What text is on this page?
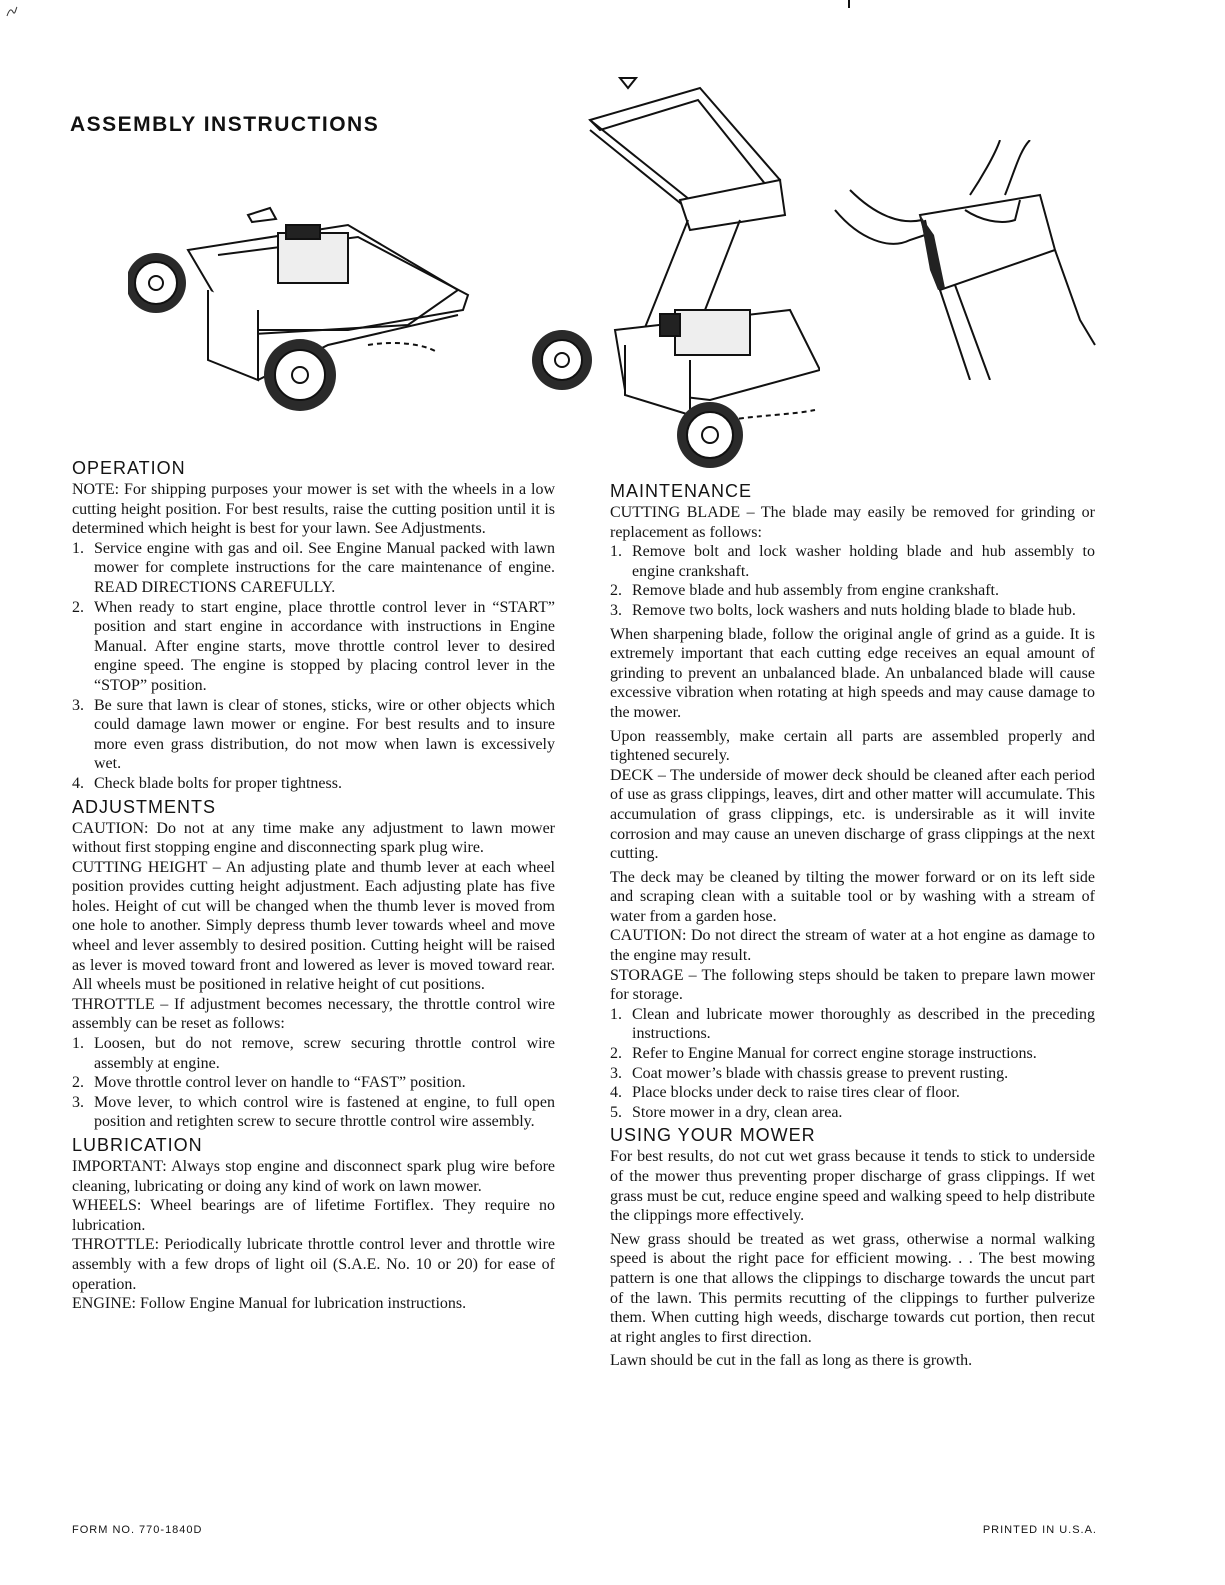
ASSEMBLY INSTRUCTIONS
OPERATION

NOTE: For shipping purposes your mower is set with the wheels in a low cutting height position. For best results, raise the cutting position until it is determined which height is best for your lawn. See Adjustments.

1. Service engine with gas and oil. See Engine Manual packed with lawn mower for complete instructions for the care maintenance of engine. READ DIRECTIONS CAREFULLY.
2. When ready to start engine, place throttle control lever in “START” position and start engine in accordance with instructions in Engine Manual. After engine starts, move throttle control lever to desired engine speed. The engine is stopped by placing control lever in the “STOP” position.
3. Be sure that lawn is clear of stones, sticks, wire or other objects which could damage lawn mower or engine. For best results and to insure more even grass distribution, do not mow when lawn is excessively wet.
4. Check blade bolts for proper tightness.
ADJUSTMENTS

CAUTION: Do not at any time make any adjustment to lawn mower without first stopping engine and disconnecting spark plug wire.

CUTTING HEIGHT – An adjusting plate and thumb lever at each wheel position provides cutting height adjustment. Each adjusting plate has five holes. Height of cut will be changed when the thumb lever is moved from one hole to another. Simply depress thumb lever towards wheel and move wheel and lever assembly to desired position. Cutting height will be raised as lever is moved toward front and lowered as lever is moved toward rear. All wheels must be positioned in relative height of cut positions.

THROTTLE – If adjustment becomes necessary, the throttle control wire assembly can be reset as follows:

1. Loosen, but do not remove, screw securing throttle control wire assembly at engine.
2. Move throttle control lever on handle to “FAST” position.
3. Move lever, to which control wire is fastened at engine, to full open position and retighten screw to secure throttle control wire assembly.
LUBRICATION

IMPORTANT: Always stop engine and disconnect spark plug wire before cleaning, lubricating or doing any kind of work on lawn mower.

WHEELS: Wheel bearings are of lifetime Fortiflex. They require no lubrication.

THROTTLE: Periodically lubricate throttle control lever and throttle wire assembly with a few drops of light oil (S.A.E. No. 10 or 20) for ease of operation.

ENGINE: Follow Engine Manual for lubrication instructions.

MAINTENANCE

CUTTING BLADE – The blade may easily be removed for grinding or replacement as follows:

1. Remove bolt and lock washer holding blade and hub assembly to engine crankshaft.
2. Remove blade and hub assembly from engine crankshaft.
3. Remove two bolts, lock washers and nuts holding blade to blade hub.

When sharpening blade, follow the original angle of grind as a guide. It is extremely important that each cutting edge receives an equal amount of grinding to prevent an unbalanced blade. An unbalanced blade will cause excessive vibration when rotating at high speeds and may cause damage to the mower.

Upon reassembly, make certain all parts are assembled properly and tightened securely.

DECK – The underside of mower deck should be cleaned after each period of use as grass clippings, leaves, dirt and other matter will accumulate. This accumulation of grass clippings, etc. is undersirable as it will invite corrosion and may cause an uneven discharge of grass clippings at the next cutting.

The deck may be cleaned by tilting the mower forward or on its left side and scraping clean with a suitable tool or by washing with a stream of water from a garden hose.

CAUTION: Do not direct the stream of water at a hot engine as damage to the engine may result.

STORAGE – The following steps should be taken to prepare lawn mower for storage.

1. Clean and lubricate mower thoroughly as described in the preceding instructions.
2. Refer to Engine Manual for correct engine storage instructions.
3. Coat mower’s blade with chassis grease to prevent rusting.
4. Place blocks under deck to raise tires clear of floor.
5. Store mower in a dry, clean area.
USING YOUR MOWER

For best results, do not cut wet grass because it tends to stick to underside of the mower thus preventing proper discharge of grass clippings. If wet grass must be cut, reduce engine speed and walking speed to help distribute the clippings more effectively.

New grass should be treated as wet grass, otherwise a normal walking speed is about the right pace for efficient mowing. . . The best mowing pattern is one that allows the clippings to discharge towards the uncut part of the lawn. This permits recutting of the clippings to further pulverize them. When cutting high weeds, discharge towards cut portion, then recut at right angles to first direction.

Lawn should be cut in the fall as long as there is growth.

FORM NO. 770-1840D	PRINTED IN U.S.A.
